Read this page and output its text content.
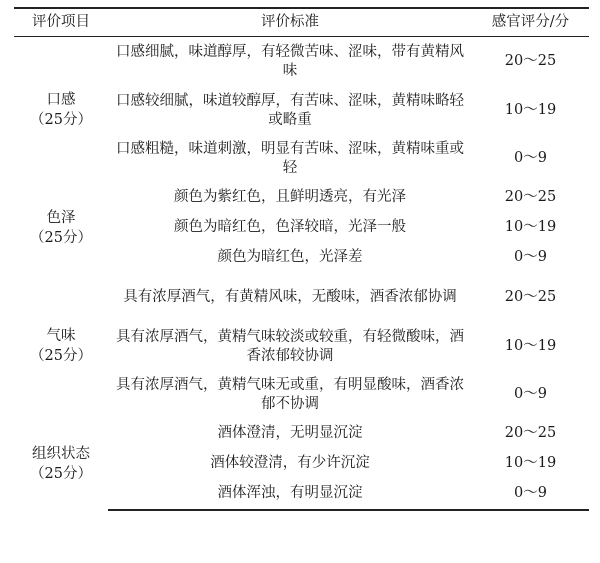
评价项目	评价标准	感官评分/分

口感
（25分）	口感细腻，味道醇厚，有轻微苦味、涩味，带有黄精风味	20～25
	口感较细腻，味道较醇厚，有苦味、涩味，黄精味略轻或略重	10～19
	口感粗糙，味道刺激，明显有苦味、涩味，黄精味重或轻	0～9

色泽
（25分）	颜色为紫红色，且鲜明透亮，有光泽	20～25
	颜色为暗红色，色泽较暗，光泽一般	10～19
	颜色为暗红色，光泽差	0～9

气味
（25分）	具有浓厚酒气，有黄精风味，无酸味，酒香浓郁协调	20～25
	具有浓厚酒气，黄精气味较淡或较重，有轻微酸味，酒香浓郁较协调	10～19
	具有浓厚酒气，黄精气味无或重，有明显酸味，酒香浓郁不协调	0～9

组织状态
（25分）	酒体澄清，无明显沉淀	20～25
	酒体较澄清，有少许沉淀	10～19
	酒体浑浊，有明显沉淀	0～9
